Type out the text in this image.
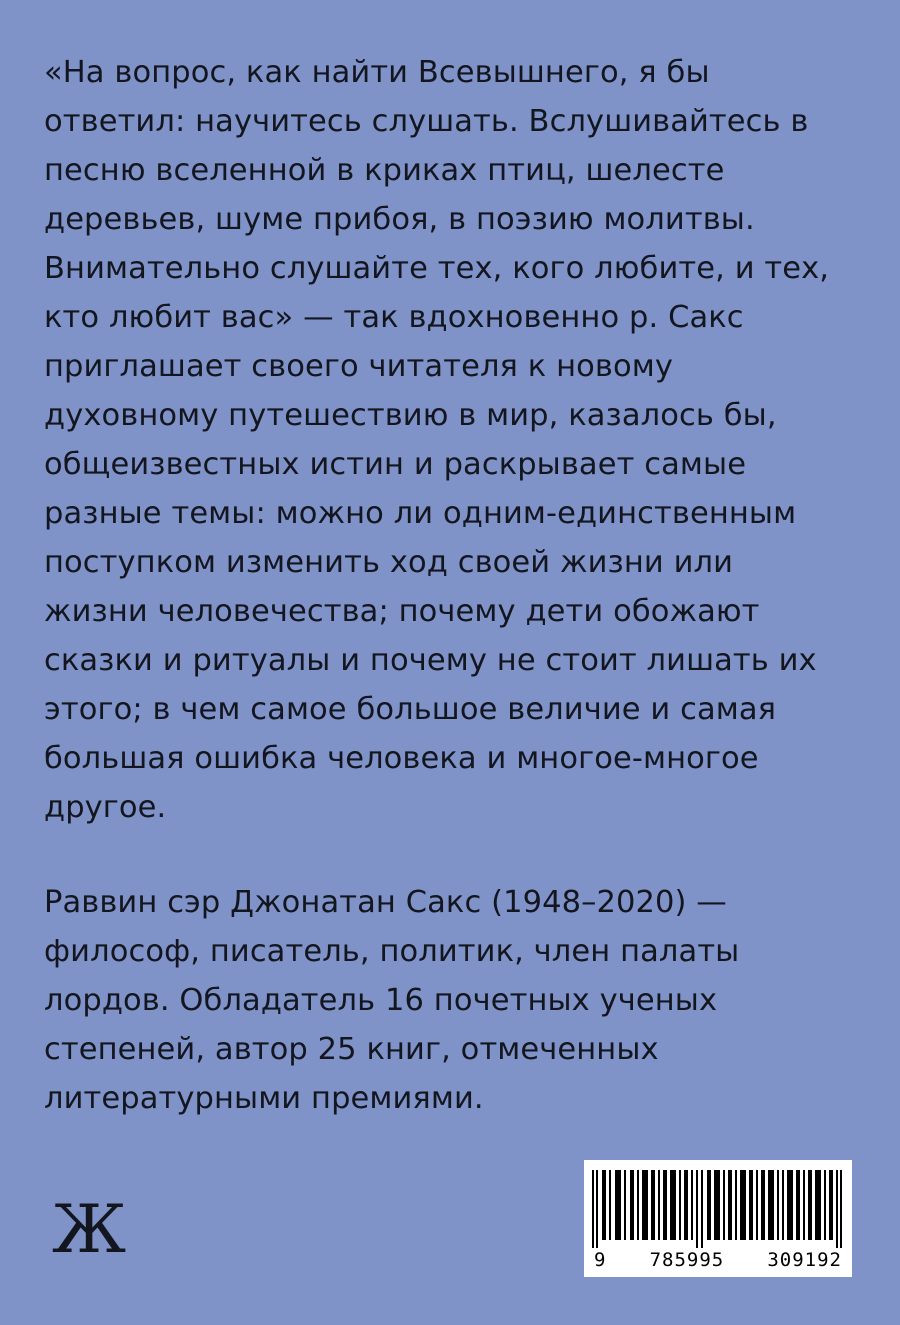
«На вопрос, как найти Всевышнего, я бы ответил: научитесь слушать. Вслушивайтесь в песню вселенной в криках птиц, шелесте деревьев, шуме прибоя, в поэзию молитвы. Внимательно слушайте тех, кого любите, и тех, кто любит вас» — так вдохновенно р. Сакс приглашает своего читателя к новому духовному путешествию в мир, казалось бы, общеизвестных истин и раскрывает самые разные темы: можно ли одним-единственным поступком изменить ход своей жизни или жизни человечества; почему дети обожают сказки и ритуалы и почему не стоит лишать их этого; в чем самое большое величие и самая большая ошибка человека и многое-многое другое.

Раввин сэр Джонатан Сакс (1948–2020) — философ, писатель, политик, член палаты лордов. Обладатель 16 почетных ученых степеней, автор 25 книг, отмеченных литературными премиями.

Ж	9 785995 309192
